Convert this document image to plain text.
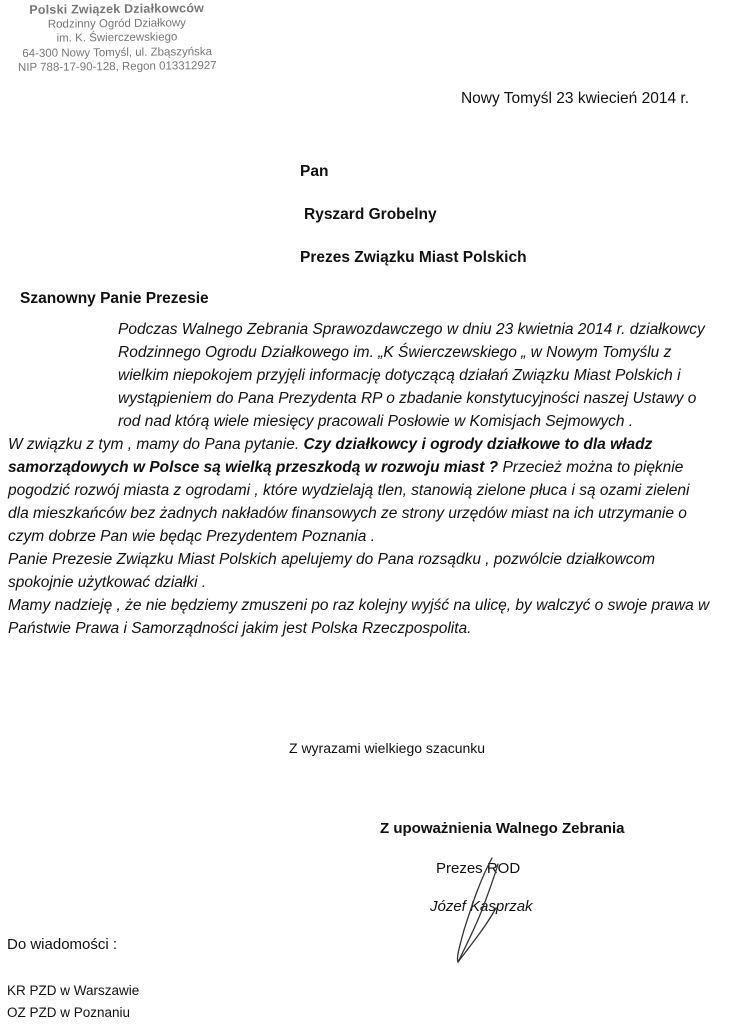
Polski Związek Działkowców
Rodzinny Ogród Działkowy
im. K. Świerczewskiego
64-300 Nowy Tomyśl, ul. Zbąszyńska
NIP 788-17-90-128, Regon 013312927
Nowy Tomyśl 23 kwiecień 2014 r.
Pan
Ryszard Grobelny
Prezes Związku Miast Polskich
Szanowny Panie Prezesie

Podczas Walnego Zebrania Sprawozdawczego w dniu 23 kwietnia 2014 r. działkowcy Rodzinnego Ogrodu Działkowego im. „K Świerczewskiego „ w Nowym Tomyślu z wielkim niepokojem przyjęli informację dotyczącą działań Związku Miast Polskich i wystąpieniem do Pana Prezydenta RP o zbadanie konstytucyjności naszej Ustawy o rod nad którą wiele miesięcy pracowali Posłowie w Komisjach Sejmowych .

W związku z tym , mamy do Pana pytanie. Czy działkowcy i ogrody działkowe to dla władz samorządowych w Polsce są wielką przeszkodą w rozwoju miast ? Przecież można to pięknie pogodzić rozwój miasta z ogrodami , które wydzielają tlen, stanowią zielone płuca i są ozami zieleni dla mieszkańców bez żadnych nakładów finansowych ze strony urzędów miast na ich utrzymanie o czym dobrze Pan wie będąc Prezydentem Poznania .

Panie Prezesie Związku Miast Polskich apelujemy do Pana rozsądku , pozwólcie działkowcom spokojnie użytkować działki .

Mamy nadzieję , że nie będziemy zmuszeni po raz kolejny wyjść na ulicę, by walczyć o swoje prawa w Państwie Prawa i Samorządności jakim jest Polska Rzeczpospolita.

Z wyrazami wielkiego szacunku
Z upoważnienia Walnego Zebrania
Prezes ROD
Józef Kasprzak
Do wiadomości :
KR PZD w Warszawie
OZ PZD w Poznaniu
